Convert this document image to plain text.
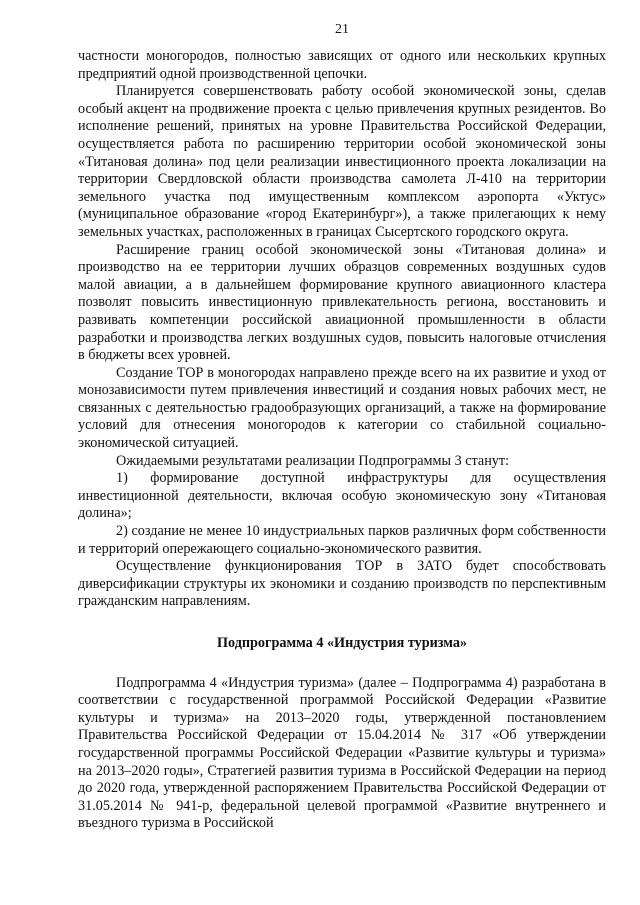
21

частности моногородов, полностью зависящих от одного или нескольких крупных предприятий одной производственной цепочки.

Планируется совершенствовать работу особой экономической зоны, сделав особый акцент на продвижение проекта с целью привлечения крупных резидентов. Во исполнение решений, принятых на уровне Правительства Российской Федерации, осуществляется работа по расширению территории особой экономической зоны «Титановая долина» под цели реализации инвестиционного проекта локализации на территории Свердловской области производства самолета Л-410 на территории земельного участка под имущественным комплексом аэропорта «Уктус» (муниципальное образование «город Екатеринбург»), а также прилегающих к нему земельных участках, расположенных в границах Сысертского городского округа.

Расширение границ особой экономической зоны «Титановая долина» и производство на ее территории лучших образцов современных воздушных судов малой авиации, а в дальнейшем формирование крупного авиационного кластера позволят повысить инвестиционную привлекательность региона, восстановить и развивать компетенции российской авиационной промышленности в области разработки и производства легких воздушных судов, повысить налоговые отчисления в бюджеты всех уровней.

Создание ТОР в моногородах направлено прежде всего на их развитие и уход от монозависимости путем привлечения инвестиций и создания новых рабочих мест, не связанных с деятельностью градообразующих организаций, а также на формирование условий для отнесения моногородов к категории со стабильной социально-экономической ситуацией.

Ожидаемыми результатами реализации Подпрограммы 3 станут:

1) формирование доступной инфраструктуры для осуществления инвестиционной деятельности, включая особую экономическую зону «Титановая долина»;

2) создание не менее 10 индустриальных парков различных форм собственности и территорий опережающего социально-экономического развития.

Осуществление функционирования ТОР в ЗАТО будет способствовать диверсификации структуры их экономики и созданию производств по перспективным гражданским направлениям.

Подпрограмма 4 «Индустрия туризма»

Подпрограмма 4 «Индустрия туризма» (далее – Подпрограмма 4) разработана в соответствии с государственной программой Российской Федерации «Развитие культуры и туризма» на 2013–2020 годы, утвержденной постановлением Правительства Российской Федерации от 15.04.2014 № 317 «Об утверждении государственной программы Российской Федерации «Развитие культуры и туризма» на 2013–2020 годы», Стратегией развития туризма в Российской Федерации на период до 2020 года, утвержденной распоряжением Правительства Российской Федерации от 31.05.2014 № 941-р, федеральной целевой программой «Развитие внутреннего и въездного туризма в Российской
